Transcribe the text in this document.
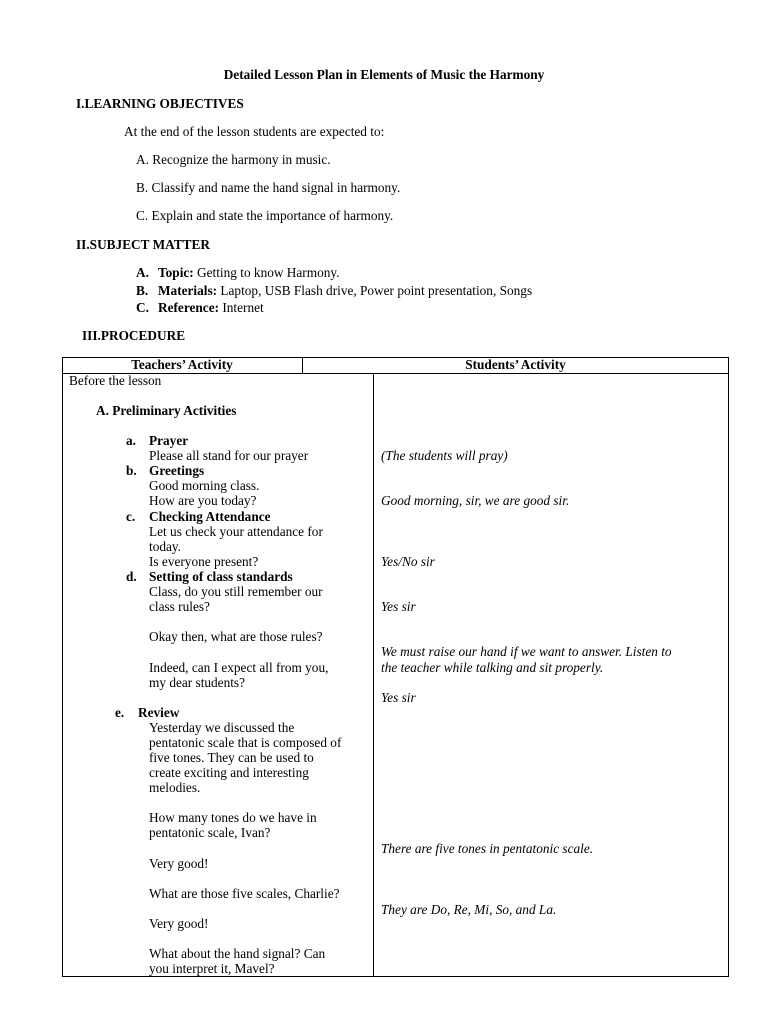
Detailed Lesson Plan in Elements of Music the Harmony
I.LEARNING OBJECTIVES
At the end of the lesson students are expected to:
A. Recognize the harmony in music.
B. Classify and name the hand signal in harmony.
C. Explain and state the importance of harmony.
II.SUBJECT MATTER
A. Topic: Getting to know Harmony.
B. Materials: Laptop, USB Flash drive, Power point presentation, Songs
C. Reference: Internet
III.PROCEDURE
Teachers’ Activity	Students’ Activity
Before the lesson
A. Preliminary Activities
a. Prayer
Please all stand for our prayer
b. Greetings
Good morning class.
How are you today?
c. Checking Attendance
Let us check your attendance for
today.
Is everyone present?
d. Setting of class standards
Class, do you still remember our
class rules?
Okay then, what are those rules?
Indeed, can I expect all from you,
my dear students?
e. Review
Yesterday we discussed the
pentatonic scale that is composed of
five tones. They can be used to
create exciting and interesting
melodies.
How many tones do we have in
pentatonic scale, Ivan?
Very good!
What are those five scales, Charlie?
Very good!
What about the hand signal? Can
you interpret it, Mavel?
(The students will pray)
Good morning, sir, we are good sir.
Yes/No sir
Yes sir
We must raise our hand if we want to answer. Listen to
the teacher while talking and sit properly.
Yes sir
There are five tones in pentatonic scale.
They are Do, Re, Mi, So, and La.
